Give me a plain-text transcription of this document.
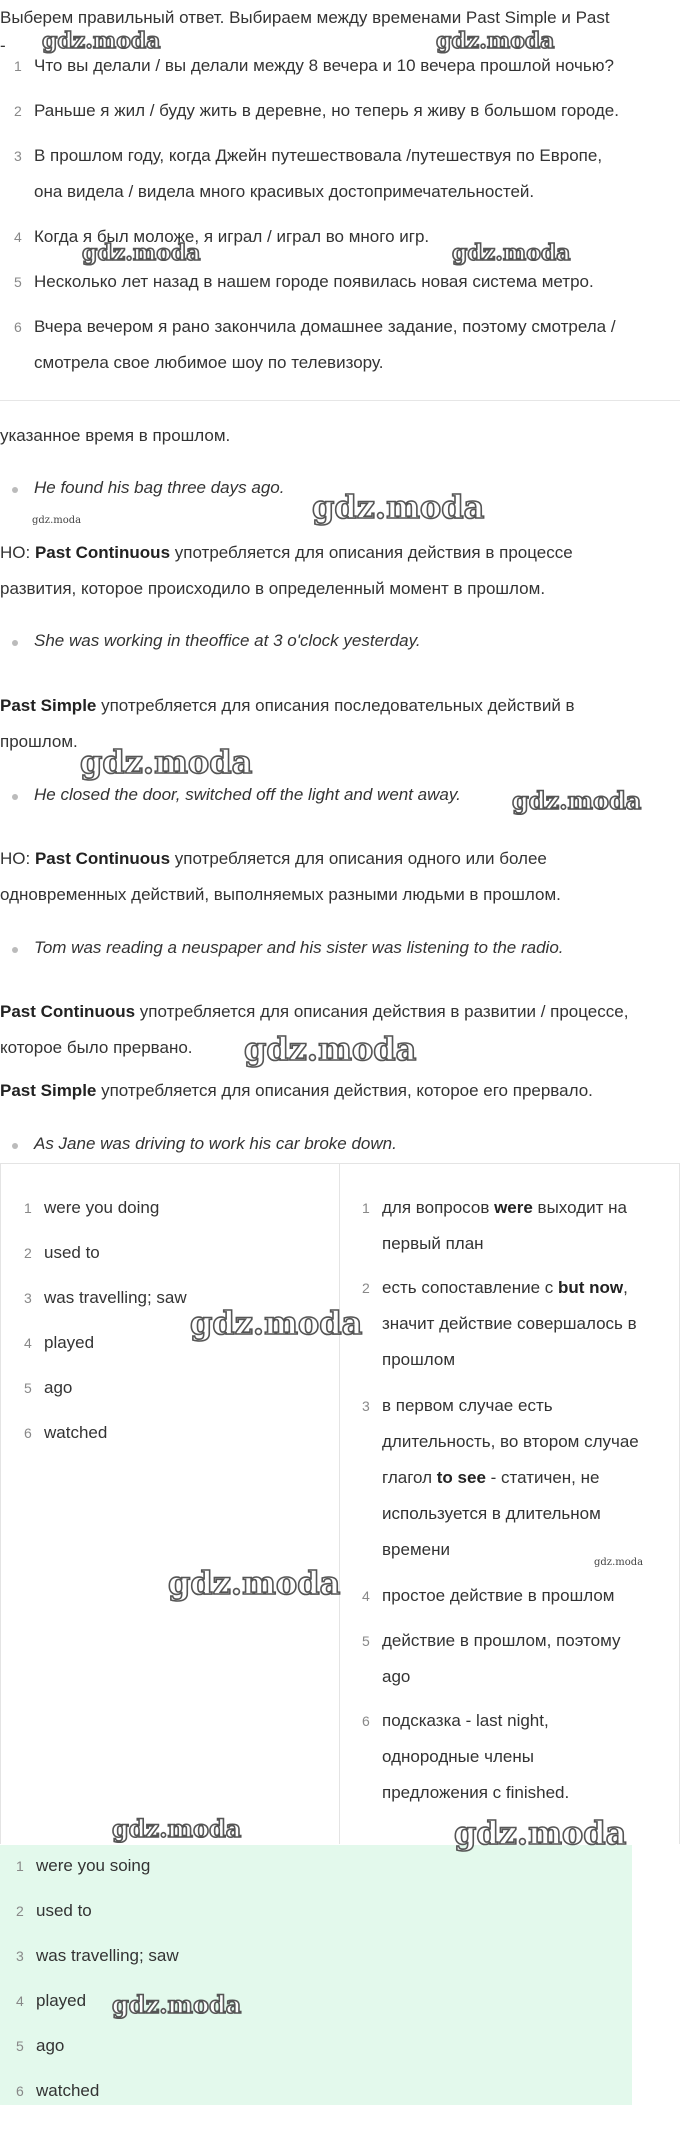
Выберем правильный ответ. Выбираем между временами Past Simple и Past
-
1 Что вы делали / вы делали между 8 вечера и 10 вечера прошлой ночью?
2 Раньше я жил / буду жить в деревне, но теперь я живу в большом городе.
3 В прошлом году, когда Джейн путешествовала /путешествуя по Европе,
она видела / видела много красивых достопримечательностей.
4 Когда я был моложе, я играл / играл во много игр.
5 Несколько лет назад в нашем городе появилась новая система метро.
6 Вчера вечером я рано закончила домашнее задание, поэтому смотрела /
смотрела свое любимое шоу по телевизору.
указанное время в прошлом.
He found his bag three days ago.
НО: Past Continuous употребляется для описания действия в процессе
развития, которое происходило в определенный момент в прошлом.
She was working in theoffice at 3 o'clock yesterday.
Past Simple употребляется для описания последовательных действий в
прошлом.
He closed the door, switched off the light and went away.
НО: Past Continuous употребляется для описания одного или более
одновременных действий, выполняемых разными людьми в прошлом.
Tom was reading a neuspaper and his sister was listening to the radio.
Past Continuous употребляется для описания действия в развитии / процессе,
которое было прервано.
Past Simple употребляется для описания действия, которое его прервало.
As Jane was driving to work his car broke down.
1 were you doing
2 used to
3 was travelling; saw
4 played
5 ago
6 watched
1 для вопросов were выходит на
первый план
2 есть сопоставление с but now,
значит действие совершалось в
прошлом
3 в первом случае есть
длительность, во втором случае
глагол to see - статичен, не
используется в длительном
времени
4 простое действие в прошлом
5 действие в прошлом, поэтому
ago
6 подсказка - last night,
однородные члены
предложения с finished.
1 were you soing
2 used to
3 was travelling; saw
4 played
5 ago
6 watched
gdz.moda	gdz.moda
gdz.moda	gdz.moda
gdz.moda
gdz.moda
gdz.moda
gdz.moda
gdz.moda
gdz.moda
gdz.moda
gdz.moda
gdz.moda	gdz.moda
gdz.moda
